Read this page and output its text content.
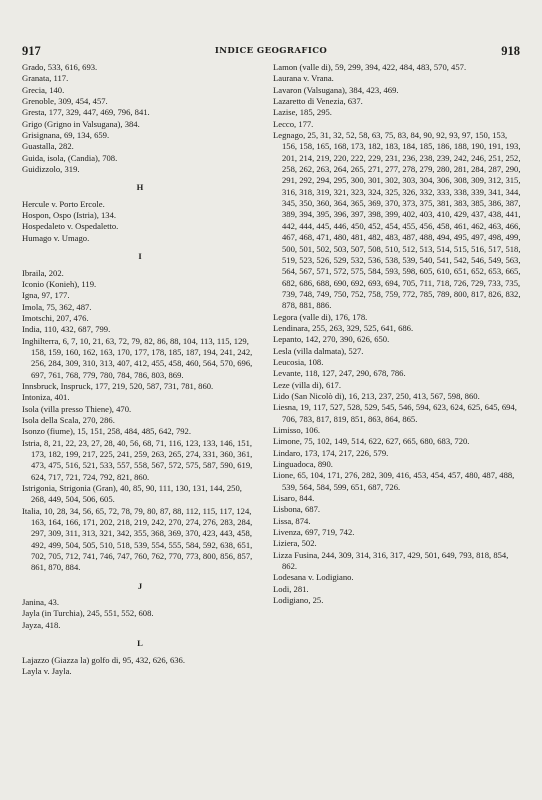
917	INDICE GEOGRAFICO	918
Grado, 533, 616, 693.
Granata, 117.
Grecia, 140.
Grenoble, 309, 454, 457.
Gresta, 177, 329, 447, 469, 796, 841.
Grigo (Grigno in Valsugana), 384.
Grisignana, 69, 134, 659.
Guastalla, 282.
Guida, isola, (Candia), 708.
Guidizzolo, 319.
H
Hercule v. Porto Ercole.
Hospon, Ospo (Istria), 134.
Hospedaleto v. Ospedaletto.
Humago v. Umago.
I
Ibraila, 202.
Iconio (Konieh), 119.
Igna, 97, 177.
Imola, 75, 362, 487.
Imotschi, 207, 476.
India, 110, 432, 687, 799.
Inghilterra, 6, 7, 10, 21, 63, 72, 79, 82, 86, 88, 104, 113, 115, 129, 158, 159, 160, 162, 163, 170, 177, 178, 185, 187, 194, 241, 242, 256, 284, 309, 310, 313, 407, 412, 455, 458, 460, 564, 570, 696, 697, 761, 768, 779, 780, 784, 786, 803, 869.
Innsbruck, Inspruck, 177, 219, 520, 587, 731, 781, 860.
Intoniza, 401.
Isola (villa presso Thiene), 470.
Isola della Scala, 270, 286.
Isonzo (fiume), 15, 151, 258, 484, 485, 642, 792.
Istria, 8, 21, 22, 23, 27, 28, 40, 56, 68, 71, 116, 123, 133, 146, 151, 173, 182, 199, 217, 225, 241, 259, 263, 265, 274, 331, 360, 361, 473, 475, 516, 521, 533, 557, 558, 567, 572, 575, 587, 590, 619, 624, 717, 721, 724, 792, 821, 860.
Istrigonia, Strigonia (Gran), 40, 85, 90, 111, 130, 131, 144, 250, 268, 449, 504, 506, 605.
Italia, 10, 28, 34, 56, 65, 72, 78, 79, 80, 87, 88, 112, 115, 117, 124, 163, 164, 166, 171, 202, 218, 219, 242, 270, 274, 276, 283, 284, 297, 309, 311, 313, 321, 342, 355, 368, 369, 370, 423, 443, 458, 492, 499, 504, 505, 510, 518, 539, 554, 555, 584, 592, 638, 651, 702, 705, 712, 741, 746, 747, 760, 762, 770, 773, 800, 856, 857, 861, 870, 884.
J
Janina, 43.
Jayla (in Turchia), 245, 551, 552, 608.
Jayza, 418.
L
Lajazzo (Giazza la) golfo di, 95, 432, 626, 636.
Layla v. Jayla.
Lamon (valle di), 59, 299, 394, 422, 484, 483, 570, 457.
Laurana v. Vrana.
Lavaron (Valsugana), 384, 423, 469.
Lazaretto di Venezia, 637.
Lazise, 185, 295.
Lecco, 177.
Legnago, 25, 31, 32, 52, 58, 63, 75, 83, 84, 90, 92, 93, 97, 150, 153, 156, 158, 165, 168, 173, 182, 183, 184, 185, 186, 188, 190, 191, 193, 201, 214, 219, 220, 222, 229, 231, 236, 238, 239, 242, 246, 251, 252, 258, 262, 263, 264, 265, 271, 277, 278, 279, 280, 281, 284, 287, 290, 291, 292, 294, 295, 300, 301, 302, 303, 304, 306, 308, 309, 312, 315, 316, 318, 319, 321, 323, 324, 325, 326, 332, 333, 338, 339, 341, 344, 345, 350, 360, 364, 365, 369, 370, 373, 375, 381, 383, 385, 386, 387, 389, 394, 395, 396, 397, 398, 399, 402, 403, 410, 429, 437, 438, 441, 442, 444, 445, 446, 450, 452, 454, 455, 456, 458, 461, 462, 463, 466, 467, 468, 471, 480, 481, 482, 483, 487, 488, 494, 495, 497, 498, 499, 500, 501, 502, 503, 507, 508, 510, 512, 513, 514, 515, 516, 517, 518, 519, 523, 526, 529, 532, 536, 538, 539, 540, 541, 542, 546, 549, 563, 564, 567, 571, 572, 575, 584, 593, 598, 605, 610, 651, 652, 653, 665, 682, 686, 688, 690, 692, 693, 694, 705, 711, 718, 726, 729, 733, 735, 739, 748, 749, 750, 752, 758, 759, 772, 785, 789, 800, 817, 826, 832, 878, 881, 886.
Legora (valle di), 176, 178.
Lendinara, 255, 263, 329, 525, 641, 686.
Lepanto, 142, 270, 390, 626, 650.
Lesla (villa dalmata), 527.
Leucosia, 108.
Levante, 118, 127, 247, 290, 678, 786.
Leze (villa di), 617.
Lido (San Nicolò di), 16, 213, 237, 250, 413, 567, 598, 860.
Liesna, 19, 117, 527, 528, 529, 545, 546, 594, 623, 624, 625, 645, 694, 706, 783, 817, 819, 851, 863, 864, 865.
Limisso, 106.
Limone, 75, 102, 149, 514, 622, 627, 665, 680, 683, 720.
Lindaro, 173, 174, 217, 226, 579.
Linguadoca, 890.
Lione, 65, 104, 171, 276, 282, 309, 416, 453, 454, 457, 480, 487, 488, 539, 564, 584, 599, 651, 687, 726.
Lisaro, 844.
Lisbona, 687.
Lissa, 874.
Livenza, 697, 719, 742.
Liziera, 502.
Lizza Fusina, 244, 309, 314, 316, 317, 429, 501, 649, 793, 818, 854, 862.
Lodesana v. Lodigiano.
Lodi, 281.
Lodigiano, 25.
